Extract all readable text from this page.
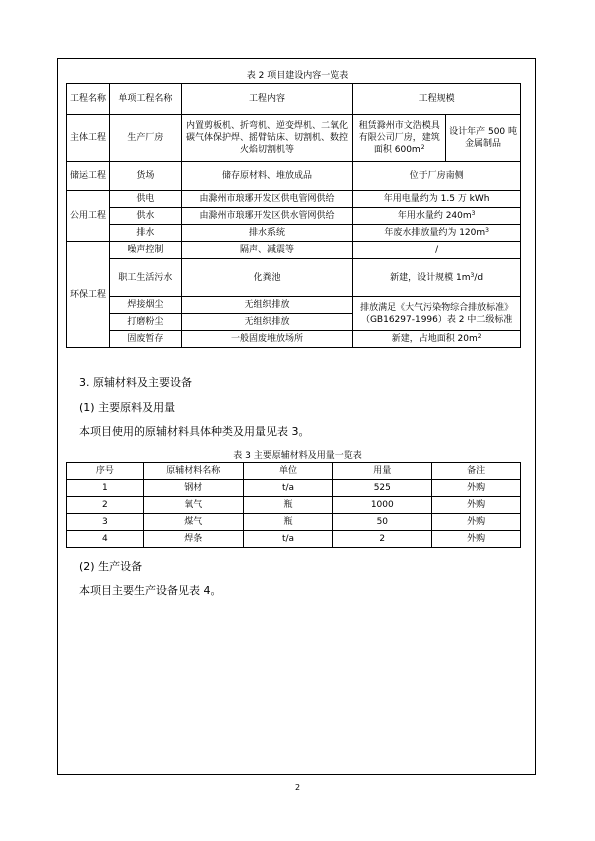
表 2 项目建设内容一览表
工程名称	单项工程名称	工程内容	工程规模	
主体工程	生产厂房	内置剪板机、折弯机、逆变焊机、二氧化碳气体保护焊、摇臂钻床、切割机、数控火焰切割机等	租赁滁州市文浩模具有限公司厂房，建筑面积 $600m^2$	设计年产 500 吨金属制品
储运工程	货场	储存原材料、堆放成品	位于厂房南侧	
公用工程	供电	由滁州市琅琊开发区供电管网供给	年用电量约为 1.5 万 kWh	
	供水	由滁州市琅琊开发区供水管网供给	年用水量约 $240m^3$
	排水	排水系统	年废水排放量约为 $120m^3$
环保工程	噪声控制	隔声、减震等	/	
	职工生活污水	化粪池	新建，设计规模 $1m^3/d$	
	焊接烟尘	无组织排放	排放满足《大气污染物综合排放标准》（GB16297-1996）表 2 中二级标准	
	打磨粉尘	无组织排放		
	固废暂存	一般固废堆放场所	新建，占地面积 $20m^2$
3. 原辅材料及主要设备
(1) 主要原料及用量
本项目使用的原辅材料具体种类及用量见表 3。
表 3 主要原辅材料及用量一览表
序号	原辅材料名称	单位	用量	备注
1	钢材	t/a	525	外购
2	氧气	瓶	1000	外购
3	煤气	瓶	50	外购
4	焊条	t/a	2	外购
(2) 生产设备
本项目主要生产设备见表 4。
2
